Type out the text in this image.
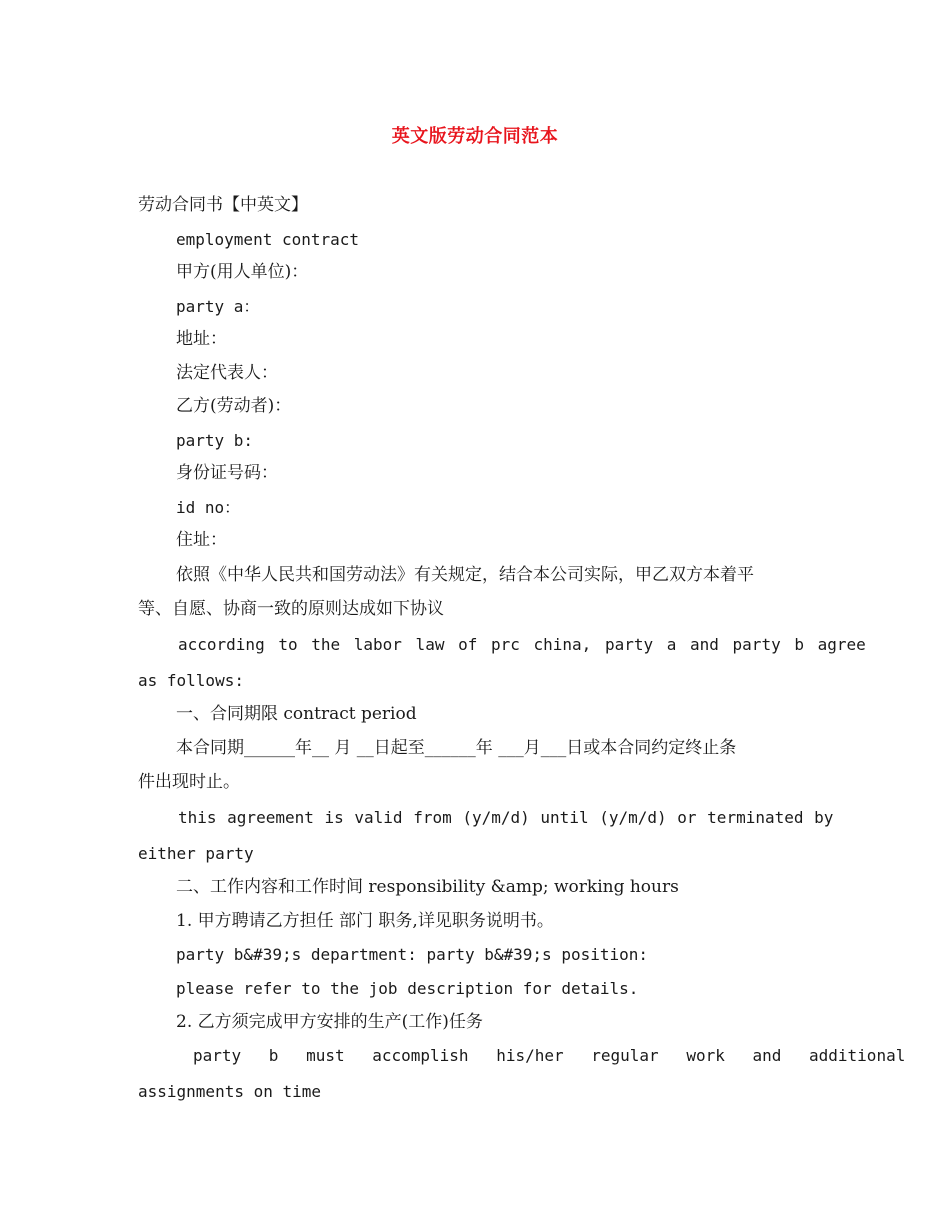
英文版劳动合同范本
劳动合同书【中英文】
employment contract
甲方(用人单位)：
party a：
地址：
法定代表人：
乙方(劳动者)：
party b:
身份证号码：
id no：
住址：
依照《中华人民共和国劳动法》有关规定，结合本公司实际，甲乙双方本着平
等、自愿、协商一致的原则达成如下协议
according to the labor law of prc china, party a and party b agree
as follows:
一、合同期限 contract period
本合同期______年__ 月 __日起至______年 ___月___日或本合同约定终止条
件出现时止。
this agreement is valid from (y/m/d) until (y/m/d) or terminated by
either party
二、工作内容和工作时间 responsibility &amp; working hours
1. 甲方聘请乙方担任 部门 职务,详见职务说明书。
party b&#39;s department: party b&#39;s position:
please refer to the job description for details.
2. 乙方须完成甲方安排的生产(工作)任务
party b must accomplish his/her regular work and additional
assignments on time
